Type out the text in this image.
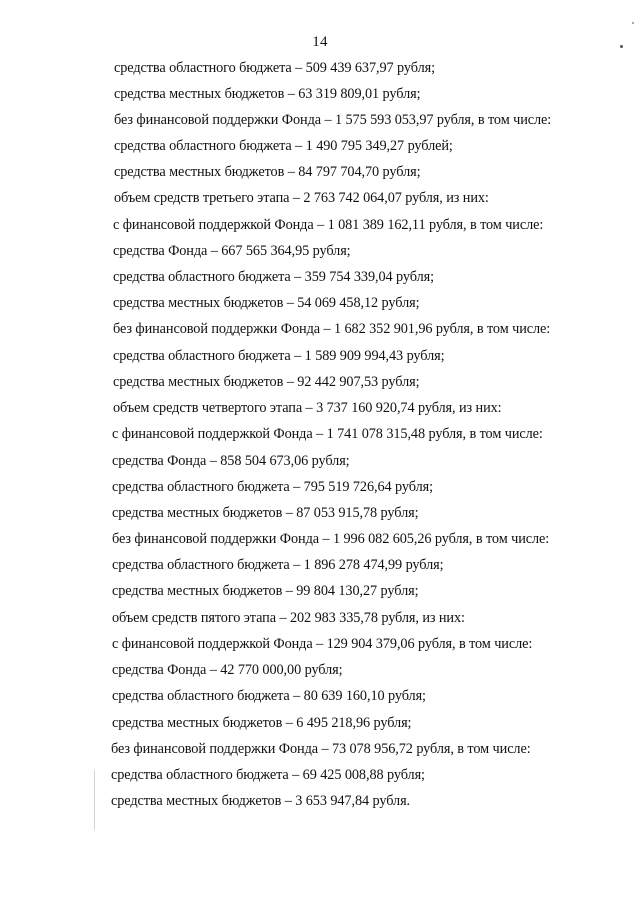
14
средства областного бюджета – 509 439 637,97 рубля;
средства местных бюджетов – 63 319 809,01 рубля;
без финансовой поддержки Фонда – 1 575 593 053,97 рубля, в том числе:
средства областного бюджета – 1 490 795 349,27 рублей;
средства местных бюджетов – 84 797 704,70 рубля;
объем средств третьего этапа – 2 763 742 064,07 рубля, из них:
с финансовой поддержкой Фонда – 1 081 389 162,11 рубля, в том числе:
средства Фонда – 667 565 364,95 рубля;
средства областного бюджета – 359 754 339,04 рубля;
средства местных бюджетов – 54 069 458,12 рубля;
без финансовой поддержки Фонда – 1 682 352 901,96 рубля, в том числе:
средства областного бюджета – 1 589 909 994,43 рубля;
средства местных бюджетов – 92 442 907,53 рубля;
объем средств четвертого этапа – 3 737 160 920,74 рубля, из них:
с финансовой поддержкой Фонда – 1 741 078 315,48 рубля, в том числе:
средства Фонда – 858 504 673,06 рубля;
средства областного бюджета – 795 519 726,64 рубля;
средства местных бюджетов – 87 053 915,78 рубля;
без финансовой поддержки Фонда – 1 996 082 605,26 рубля, в том числе:
средства областного бюджета – 1 896 278 474,99 рубля;
средства местных бюджетов – 99 804 130,27 рубля;
объем средств пятого этапа – 202 983 335,78 рубля, из них:
с финансовой поддержкой Фонда – 129 904 379,06 рубля, в том числе:
средства Фонда – 42 770 000,00 рубля;
средства областного бюджета – 80 639 160,10 рубля;
средства местных бюджетов – 6 495 218,96 рубля;
без финансовой поддержки Фонда – 73 078 956,72 рубля, в том числе:
средства областного бюджета – 69 425 008,88 рубля;
средства местных бюджетов – 3 653 947,84 рубля.
